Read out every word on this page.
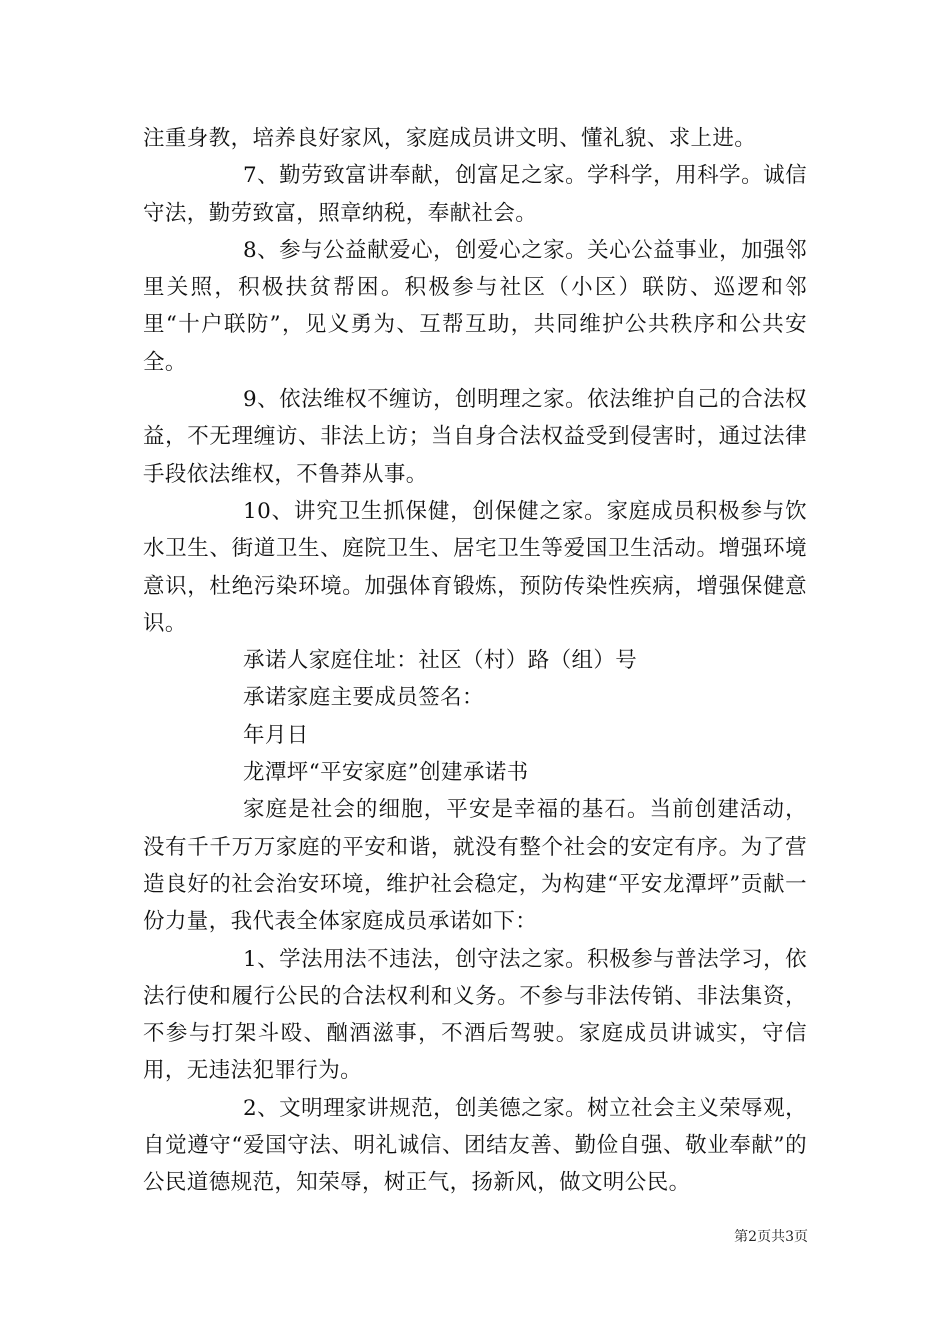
注重身教，培养良好家风，家庭成员讲文明、懂礼貌、求上进。

7、勤劳致富讲奉献，创富足之家。学科学，用科学。诚信守法，勤劳致富，照章纳税，奉献社会。

8、参与公益献爱心，创爱心之家。关心公益事业，加强邻里关照，积极扶贫帮困。积极参与社区（小区）联防、巡逻和邻里“十户联防”，见义勇为、互帮互助，共同维护公共秩序和公共安全。

9、依法维权不缠访，创明理之家。依法维护自己的合法权益，不无理缠访、非法上访；当自身合法权益受到侵害时，通过法律手段依法维权，不鲁莽从事。

10、讲究卫生抓保健，创保健之家。家庭成员积极参与饮水卫生、街道卫生、庭院卫生、居宅卫生等爱国卫生活动。增强环境意识，杜绝污染环境。加强体育锻炼，预防传染性疾病，增强保健意识。

承诺人家庭住址：社区（村）路（组）号

承诺家庭主要成员签名：

年月日

龙潭坪“平安家庭”创建承诺书

家庭是社会的细胞，平安是幸福的基石。当前创建活动，没有千千万万家庭的平安和谐，就没有整个社会的安定有序。为了营造良好的社会治安环境，维护社会稳定，为构建“平安龙潭坪”贡献一份力量，我代表全体家庭成员承诺如下：

1、学法用法不违法，创守法之家。积极参与普法学习，依法行使和履行公民的合法权利和义务。不参与非法传销、非法集资，不参与打架斗殴、酗酒滋事，不酒后驾驶。家庭成员讲诚实，守信用，无违法犯罪行为。

2、文明理家讲规范，创美德之家。树立社会主义荣辱观，自觉遵守“爱国守法、明礼诚信、团结友善、勤俭自强、敬业奉献”的公民道德规范，知荣辱，树正气，扬新风，做文明公民。

第2页共3页
